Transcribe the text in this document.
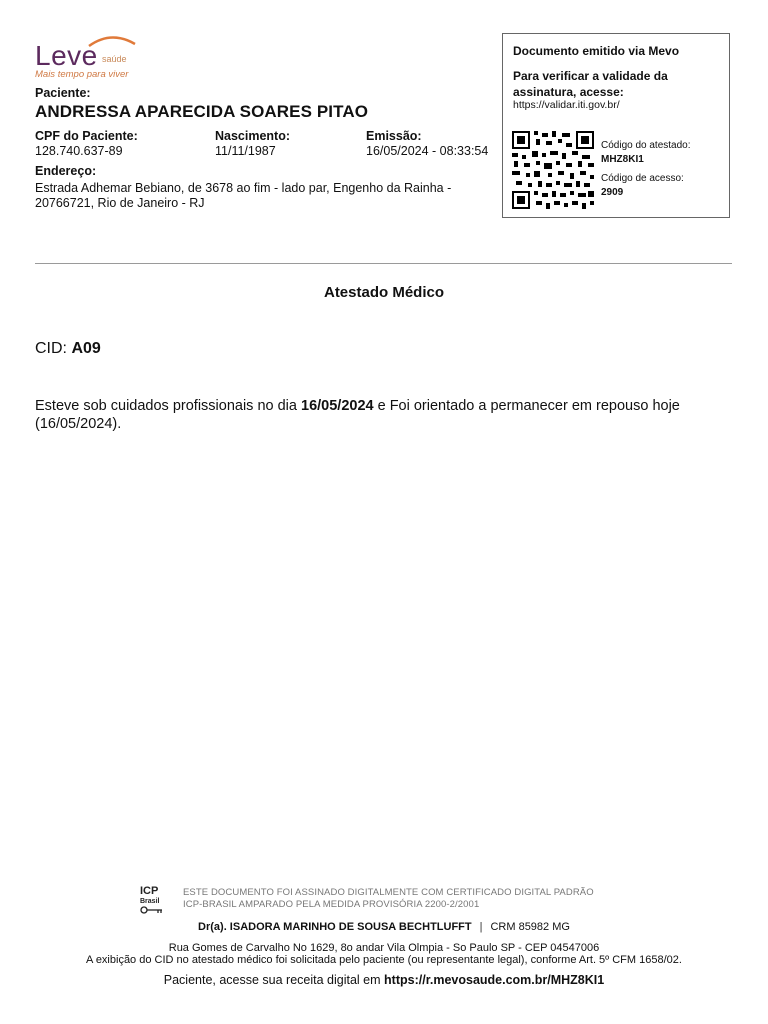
Leve saúde
Mais tempo para viver
Paciente:
ANDRESSA APARECIDA SOARES PITAO
CPF do Paciente:
128.740.637-89
Nascimento:
11/11/1987
Emissão:
16/05/2024 - 08:33:54
Endereço:
Estrada Adhemar Bebiano, de 3678 ao fim - lado par, Engenho da Rainha - 20766721, Rio de Janeiro - RJ
Documento emitido via Mevo
Para verificar a validade da assinatura, acesse:
https://validar.iti.gov.br/
Código do atestado:
MHZ8KI1
Código de acesso:
2909
Atestado Médico
CID: A09
Esteve sob cuidados profissionais no dia 16/05/2024 e Foi orientado a permanecer em repouso hoje (16/05/2024).
ICP
Brasil
ESTE DOCUMENTO FOI ASSINADO DIGITALMENTE COM CERTIFICADO DIGITAL PADRÃO
ICP-BRASIL AMPARADO PELA MEDIDA PROVISÓRIA 2200-2/2001
Dr(a). ISADORA MARINHO DE SOUSA BECHTLUFFT | CRM 85982 MG
Rua Gomes de Carvalho No 1629, 8o andar Vila Olmpia - So Paulo SP - CEP 04547006
A exibição do CID no atestado médico foi solicitada pelo paciente (ou representante legal), conforme Art. 5º CFM 1658/02.
Paciente, acesse sua receita digital em https://r.mevosaude.com.br/MHZ8KI1
